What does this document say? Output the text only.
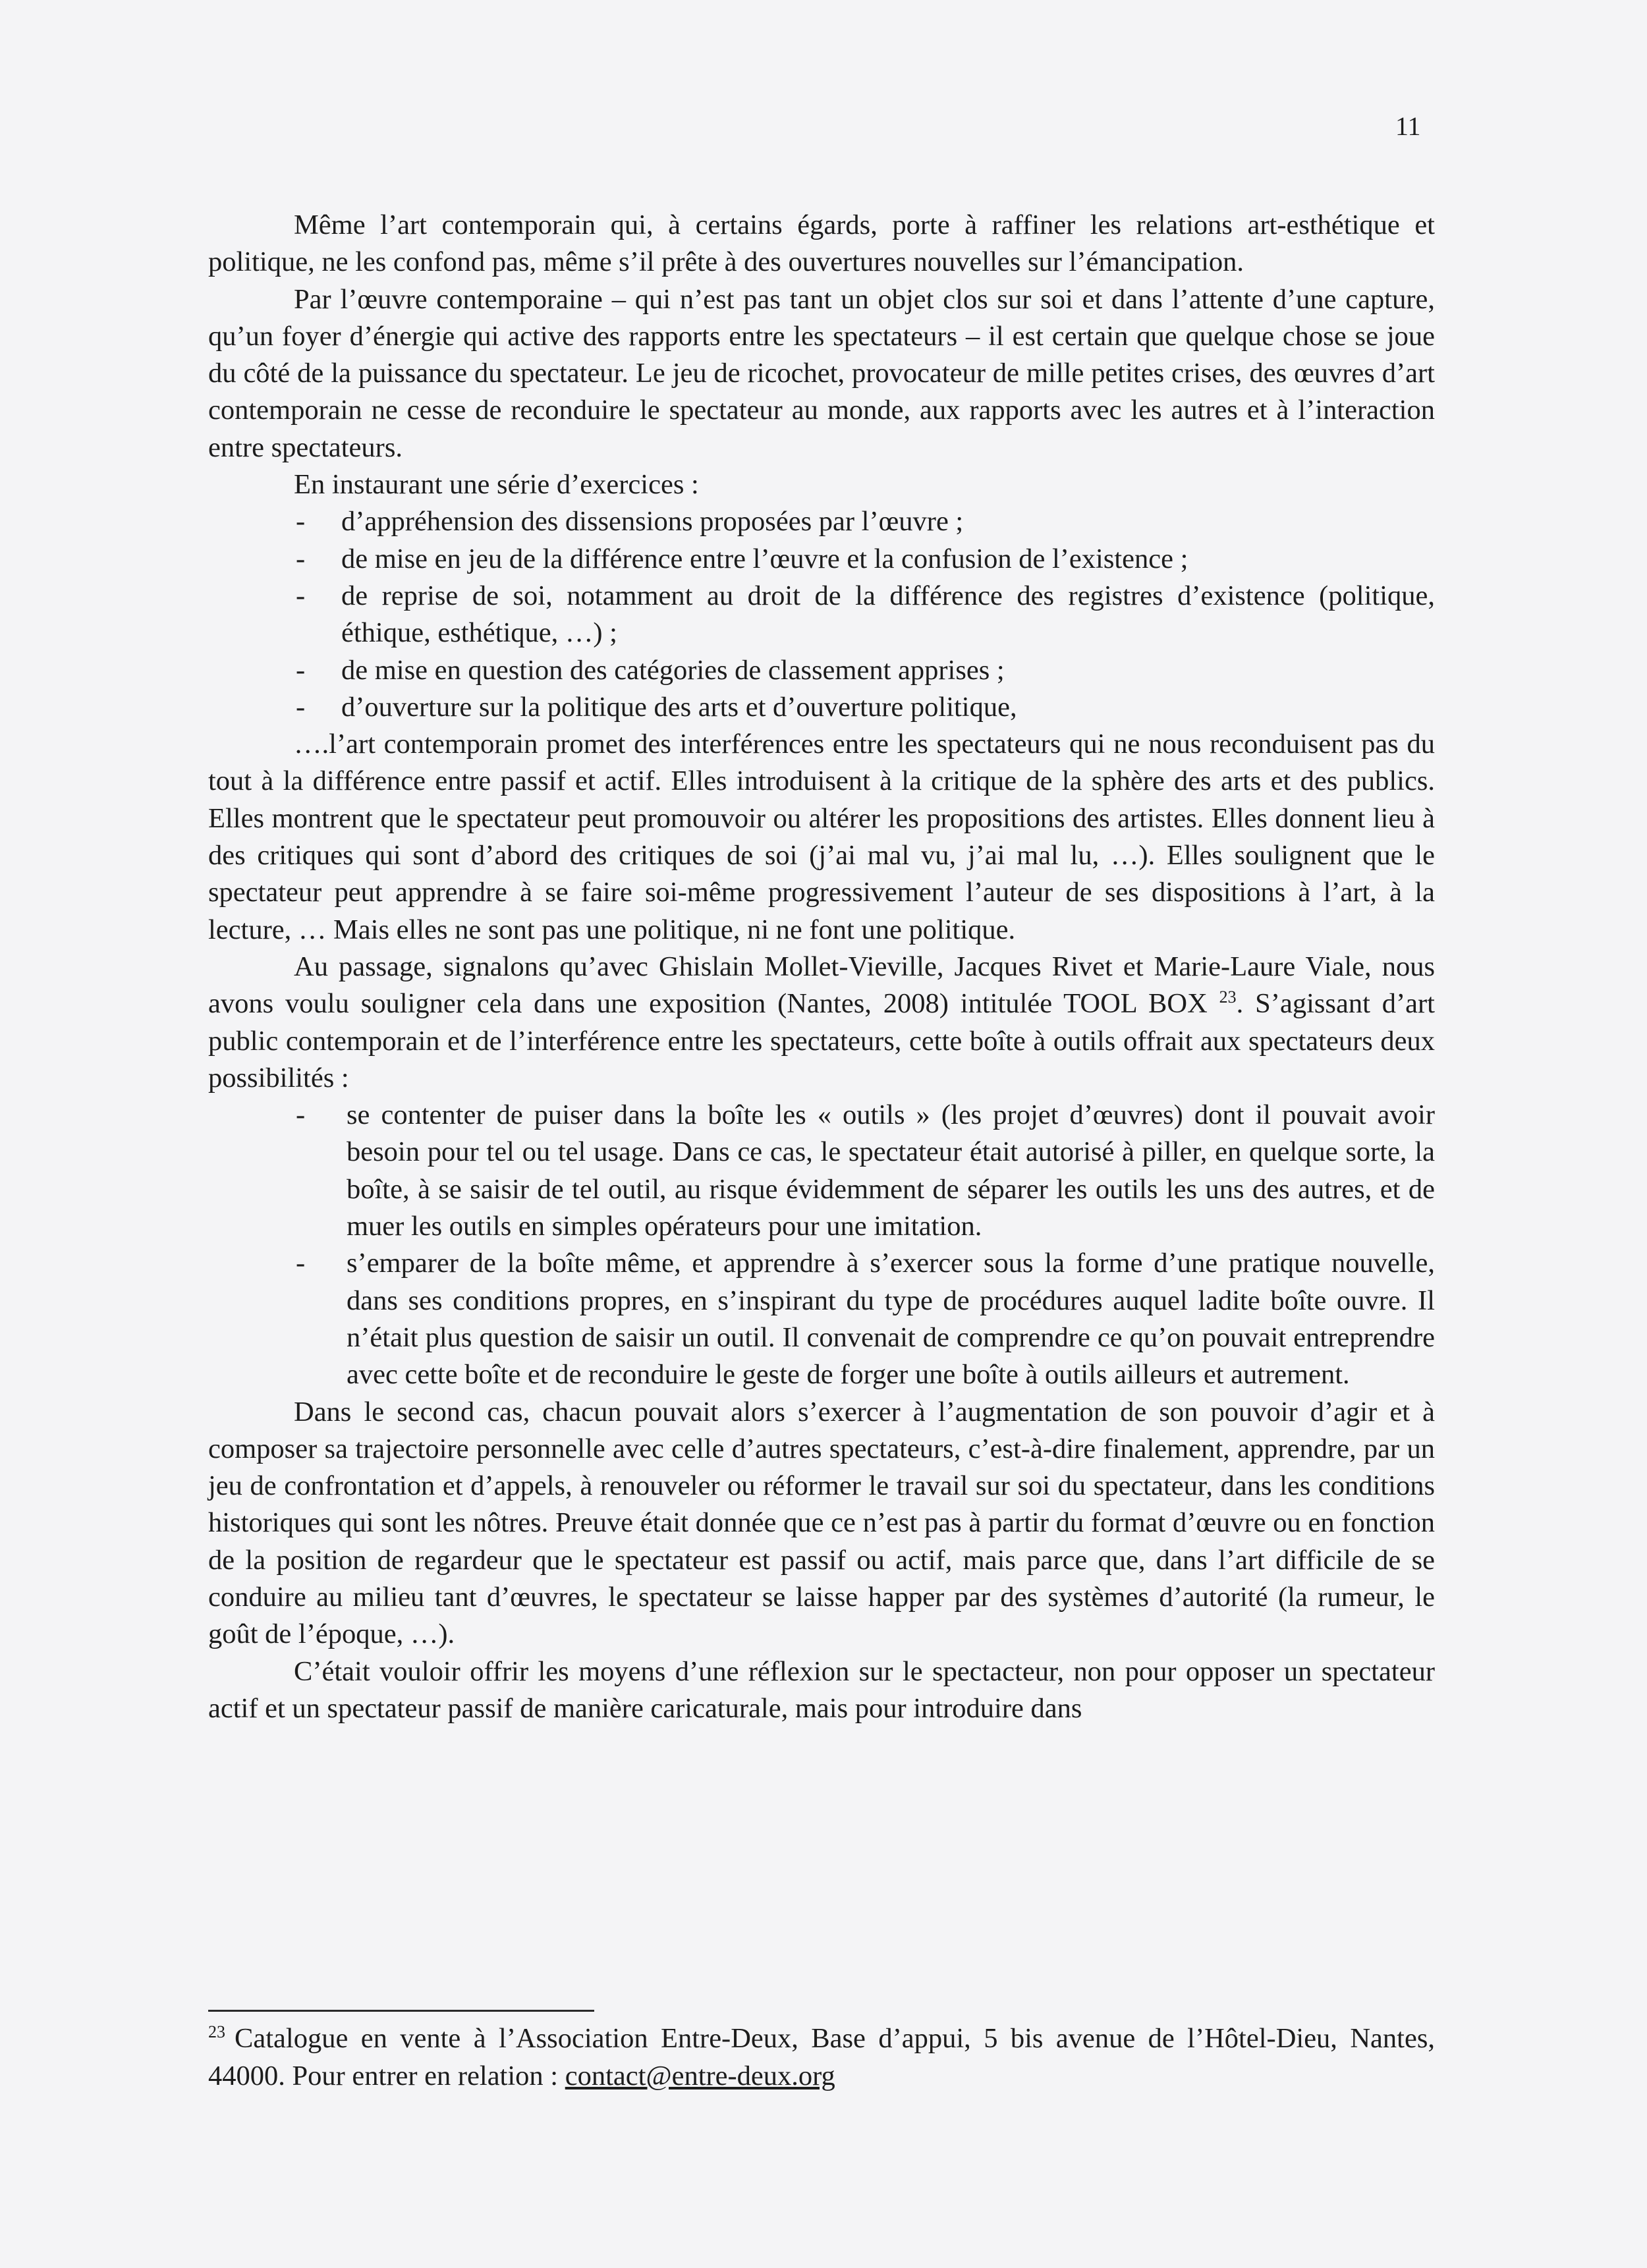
11

Même l’art contemporain qui, à certains égards, porte à raffiner les relations art-esthétique et politique, ne les confond pas, même s’il prête à des ouvertures nouvelles sur l’émancipation.

Par l’œuvre contemporaine – qui n’est pas tant un objet clos sur soi et dans l’attente d’une capture, qu’un foyer d’énergie qui active des rapports entre les spectateurs – il est certain que quelque chose se joue du côté de la puissance du spectateur. Le jeu de ricochet, provocateur de mille petites crises, des œuvres d’art contemporain ne cesse de reconduire le spectateur au monde, aux rapports avec les autres et à l’interaction entre spectateurs.

En instaurant une série d’exercices :

- d’appréhension des dissensions proposées par l’œuvre ;
- de mise en jeu de la différence entre l’œuvre et la confusion de l’existence ;
- de reprise de soi, notamment au droit de la différence des registres d’existence (politique, éthique, esthétique, …) ;
- de mise en question des catégories de classement apprises ;
- d’ouverture sur la politique des arts et d’ouverture politique,

….l’art contemporain promet des interférences entre les spectateurs qui ne nous reconduisent pas du tout à la différence entre passif et actif. Elles introduisent à la critique de la sphère des arts et des publics. Elles montrent que le spectateur peut promouvoir ou altérer les propositions des artistes. Elles donnent lieu à des critiques qui sont d’abord des critiques de soi (j’ai mal vu, j’ai mal lu, …). Elles soulignent que le spectateur peut apprendre à se faire soi-même progressivement l’auteur de ses dispositions à l’art, à la lecture, … Mais elles ne sont pas une politique, ni ne font une politique.

Au passage, signalons qu’avec Ghislain Mollet-Vieville, Jacques Rivet et Marie-Laure Viale, nous avons voulu souligner cela dans une exposition (Nantes, 2008) intitulée TOOL BOX $^{23}$. S’agissant d’art public contemporain et de l’interférence entre les spectateurs, cette boîte à outils offrait aux spectateurs deux possibilités :

- se contenter de puiser dans la boîte les « outils » (les projet d’œuvres) dont il pouvait avoir besoin pour tel ou tel usage. Dans ce cas, le spectateur était autorisé à piller, en quelque sorte, la boîte, à se saisir de tel outil, au risque évidemment de séparer les outils les uns des autres, et de muer les outils en simples opérateurs pour une imitation.
- s’emparer de la boîte même, et apprendre à s’exercer sous la forme d’une pratique nouvelle, dans ses conditions propres, en s’inspirant du type de procédures auquel ladite boîte ouvre. Il n’était plus question de saisir un outil. Il convenait de comprendre ce qu’on pouvait entreprendre avec cette boîte et de reconduire le geste de forger une boîte à outils ailleurs et autrement.

Dans le second cas, chacun pouvait alors s’exercer à l’augmentation de son pouvoir d’agir et à composer sa trajectoire personnelle avec celle d’autres spectateurs, c’est-à-dire finalement, apprendre, par un jeu de confrontation et d’appels, à renouveler ou réformer le travail sur soi du spectateur, dans les conditions historiques qui sont les nôtres. Preuve était donnée que ce n’est pas à partir du format d’œuvre ou en fonction de la position de regardeur que le spectateur est passif ou actif, mais parce que, dans l’art difficile de se conduire au milieu tant d’œuvres, le spectateur se laisse happer par des systèmes d’autorité (la rumeur, le goût de l’époque, …).

C’était vouloir offrir les moyens d’une réflexion sur le spectacteur, non pour opposer un spectateur actif et un spectateur passif de manière caricaturale, mais pour introduire dans

$^{23}$ Catalogue en vente à l’Association Entre-Deux, Base d’appui, 5 bis avenue de l’Hôtel-Dieu, Nantes, 44000. Pour entrer en relation : contact@entre-deux.org
